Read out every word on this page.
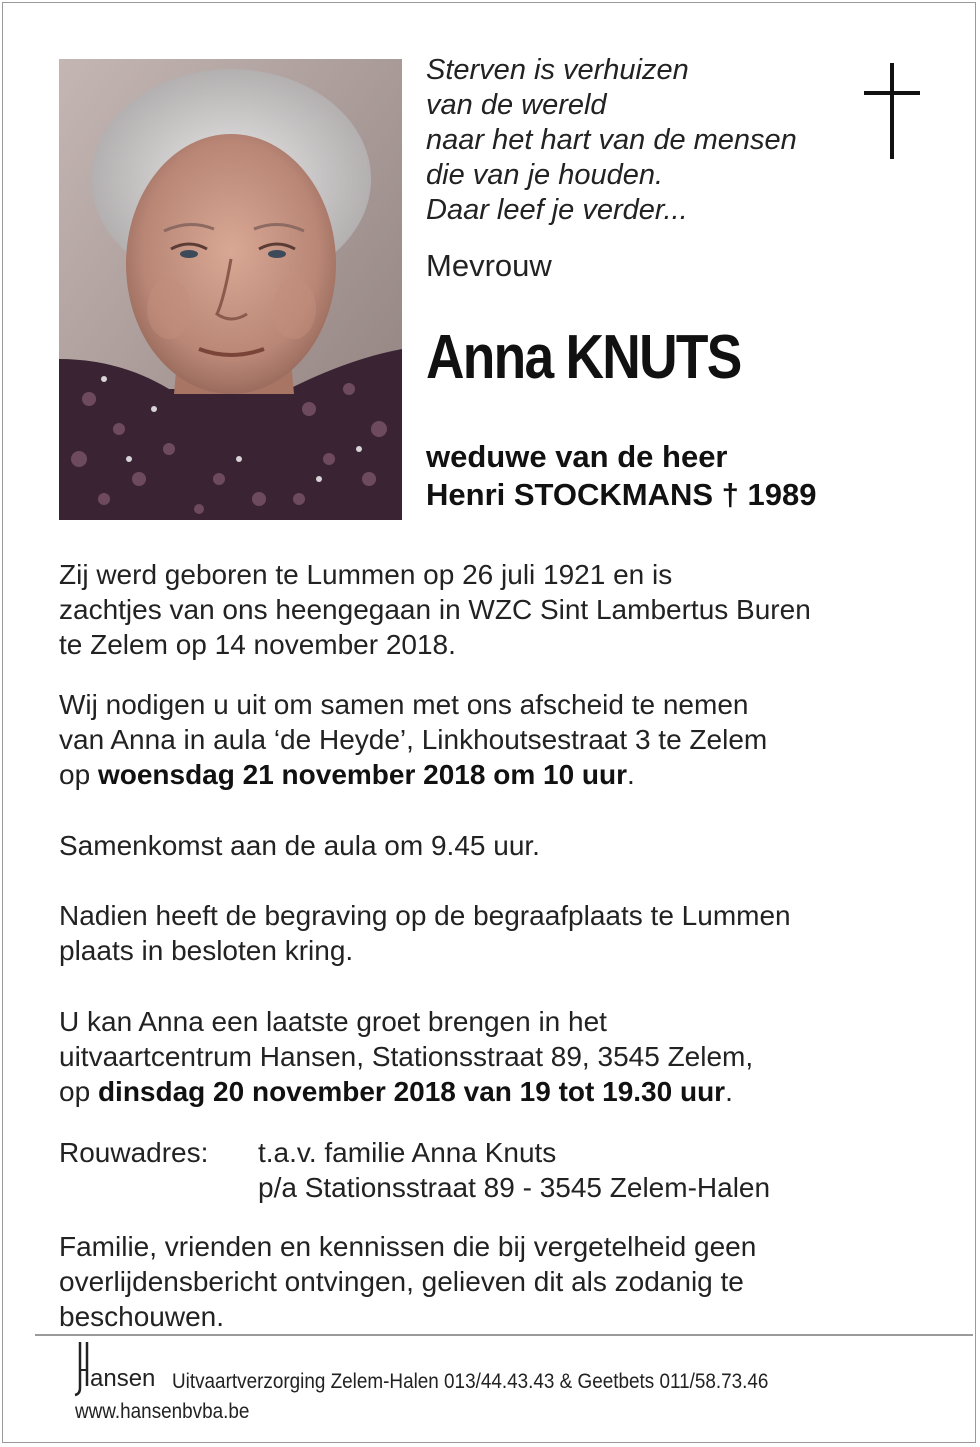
Sterven is verhuizen
van de wereld
naar het hart van de mensen
die van je houden.
Daar leef je verder...
Mevrouw
Anna KNUTS
weduwe van de heer
Henri STOCKMANS † 1989
Zij werd geboren te Lummen op 26 juli 1921 en is
zachtjes van ons heengegaan in WZC Sint Lambertus Buren
te Zelem op 14 november 2018.
Wij nodigen u uit om samen met ons afscheid te nemen
van Anna in aula ‘de Heyde’, Linkhoutsestraat 3 te Zelem
op woensdag 21 november 2018 om 10 uur.
Samenkomst aan de aula om 9.45 uur.
Nadien heeft de begraving op de begraafplaats te Lummen
plaats in besloten kring.
U kan Anna een laatste groet brengen in het
uitvaartcentrum Hansen, Stationsstraat 89, 3545 Zelem,
op dinsdag 20 november 2018 van 19 tot 19.30 uur.
Rouwadres: t.a.v. familie Anna Knuts
p/a Stationsstraat 89 - 3545 Zelem-Halen
Familie, vrienden en kennissen die bij vergetelheid geen
overlijdensbericht ontvingen, gelieven dit als zodanig te
beschouwen.
ansen Uitvaartverzorging Zelem-Halen 013/44.43.43 & Geetbets 011/58.73.46
www.hansenbvba.be
